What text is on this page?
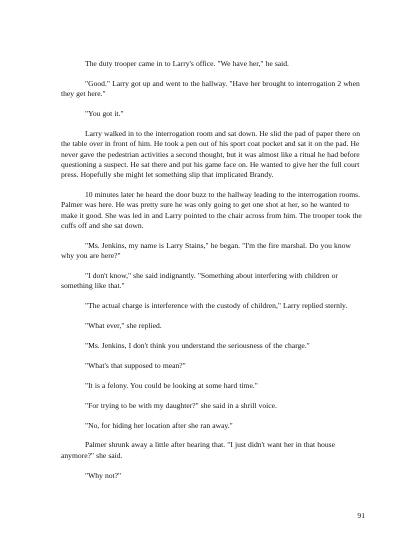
The duty trooper came in to Larry's office. "We have her," he said.

"Good." Larry got up and went to the hallway. "Have her brought to interrogation 2 when they get here."

"You got it."

Larry walked in to the interrogation room and sat down. He slid the pad of paper there on the table over in front of him. He took a pen out of his sport coat pocket and sat it on the pad. He never gave the pedestrian activities a second thought, but it was almost like a ritual he had before questioning a suspect. He sat there and put his game face on. He wanted to give her the full court press. Hopefully she might let something slip that implicated Brandy.

10 minutes later he heard the door buzz to the hallway leading to the interrogation rooms. Palmer was here. He was pretty sure he was only going to get one shot at her, so he wanted to make it good. She was led in and Larry pointed to the chair across from him. The trooper took the cuffs off and she sat down.

"Ms. Jenkins, my name is Larry Stains," he began. "I'm the fire marshal. Do you know why you are here?"

"I don't know," she said indignantly. "Something about interfering with children or something like that."

"The actual charge is interference with the custody of children," Larry replied sternly.

"What ever," she replied.

"Ms. Jenkins, I don't think you understand the seriousness of the charge."

"What's that supposed to mean?"

"It is a felony. You could be looking at some hard time."

"For trying to be with my daughter?" she said in a shrill voice.

"No, for hiding her location after she ran away."

Palmer shrunk away a little after hearing that. "I just didn't want her in that house anymore?" she said.

"Why not?"

91
